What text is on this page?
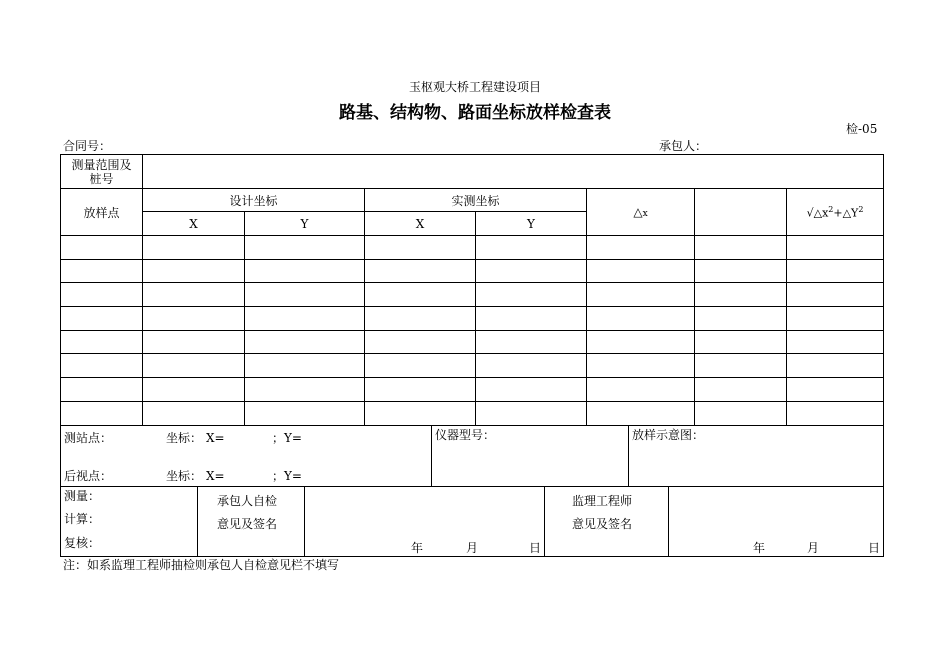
玉枢观大桥工程建设项目
路基、结构物、路面坐标放样检查表
检-05
合同号：	承包人：
测量范围及桩号							
放样点	设计坐标		实测坐标		△x		$√\triangle x^2+\triangle Y^2$
	X	Y	X	Y			

测站点：	坐标： X=	；Y=
后视点：	坐标： X=	；Y=

仪器型号：	放样示意图：
测量：
计算：
复核：

承包人自检
意见及签名

年	月	日

监理工程师
意见及签名

年	月	日
注：如系监理工程师抽检则承包人自检意见栏不填写
